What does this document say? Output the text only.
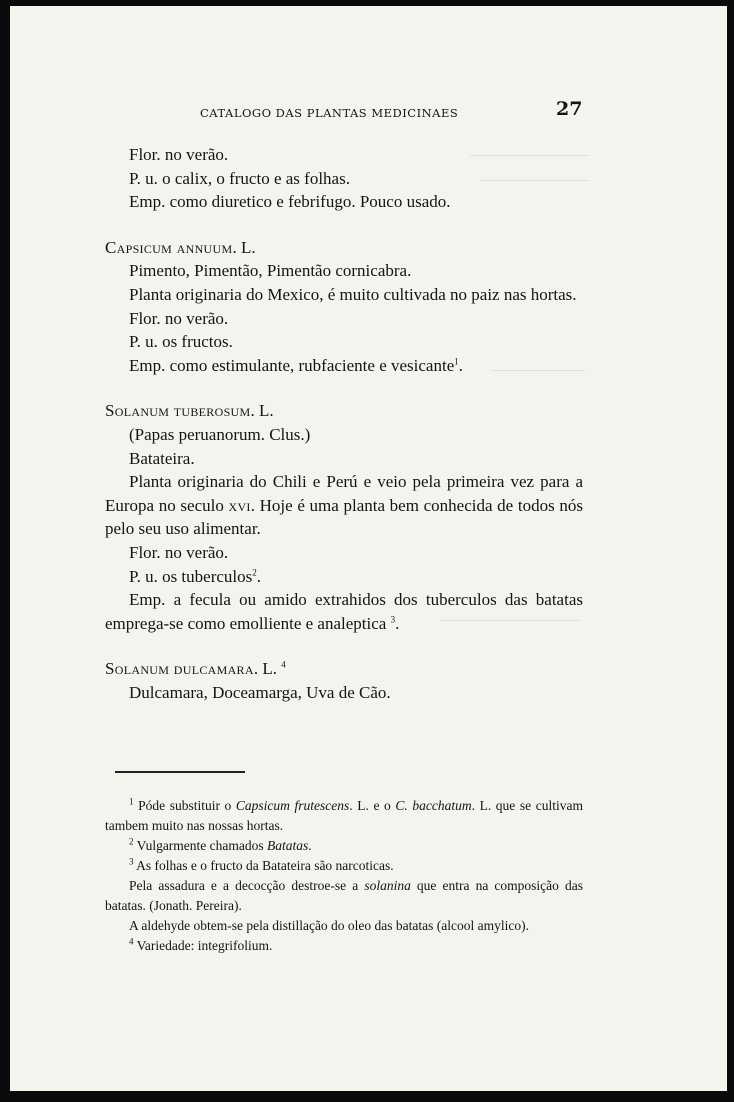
CATALOGO DAS PLANTAS MEDICINAES	27

Flor. no verão.

P. u. o calix, o fructo e as folhas.

Emp. como diuretico e febrifugo. Pouco usado.

Capsicum annuum. L.

Pimento, Pimentão, Pimentão cornicabra.

Planta originaria do Mexico, é muito cultivada no paiz nas hortas.

Flor. no verão.

P. u. os fructos.

Emp. como estimulante, rubfaciente e vesicante$^1$.

Solanum tuberosum. L.

(Papas peruanorum. Clus.)

Batateira.

Planta originaria do Chili e Perú e veio pela primeira vez para a Europa no seculo xvi. Hoje é uma planta bem conhecida de todos nós pelo seu uso alimentar.

Flor. no verão.

P. u. os tuberculos$^2$.

Emp. a fecula ou amido extrahidos dos tuberculos das batatas emprega-se como emolliente e analeptica $^3$.

Solanum dulcamara. L. $^4$

Dulcamara, Doceamarga, Uva de Cão.

$^1$ Póde substituir o Capsicum frutescens. L. e o C. bacchatum. L. que se cultivam tambem muito nas nossas hortas.

$^2$ Vulgarmente chamados Batatas.

$^3$ As folhas e o fructo da Batateira são narcoticas.

Pela assadura e a decocção destroe-se a solanina que entra na composição das batatas. (Jonath. Pereira).

A aldehyde obtem-se pela distillação do oleo das batatas (alcool amylico).

$^4$ Variedade: integrifolium.
